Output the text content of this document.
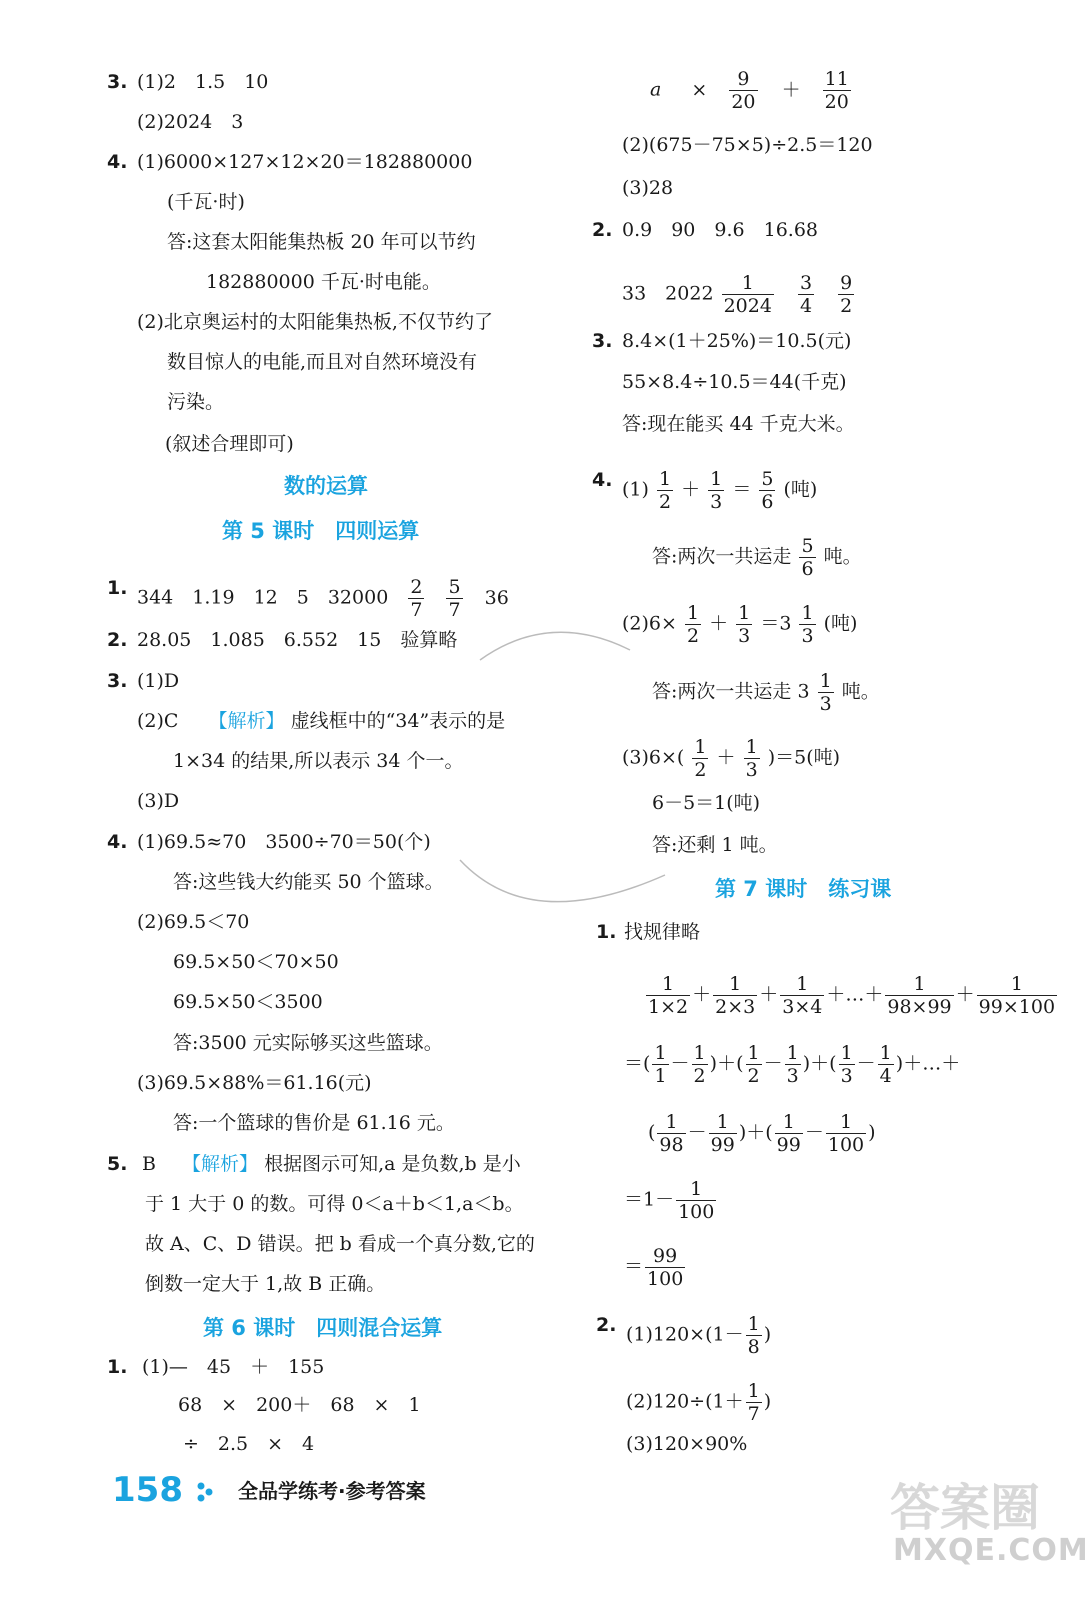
3. (1)2　1.5　10
(2)2024　3
4. (1)6000×127×12×20＝182880000
(千瓦·时)
答:这套太阳能集热板 20 年可以节约
182880000 千瓦·时电能。
(2)北京奥运村的太阳能集热板,不仅节约了
数目惊人的电能,而且对自然环境没有
污染。
(叙述合理即可)
数的运算
第 5 课时　四则运算
1. 344　1.19　12　5　$32000 \frac{2}{7}$
$\frac{5}{7} 36$
2. 28.05　1.085　6.552　15　验算略
3. (1)D
(2)C 【解析】 虚线框中的“34”表示的是
1×34 的结果,所以表示 34 个一。
(3)D
4. (1)69.5≈70　3500÷70＝50(个)
答:这些钱大约能买 50 个篮球。
(2)69.5＜70
69.5×50＜70×50
69.5×50＜3500
答:3500 元实际够买这些篮球。
(3)69.5×88%＝61.16(元)
答:一个篮球的售价是 61.16 元。
5. B 【解析】 根据图示可知,a 是负数,b 是小
于 1 大于 0 的数。可得 0＜a＋b＜1,a＜b。
故 A、C、D 错误。把 b 看成一个真分数,它的
倒数一定大于 1,故 B 正确。
第 6 课时　四则混合运算
1. (1)—　45　＋　155
68　×　200＋　68　×　1
÷　2.5　×　4
$a \times \frac{9}{20} + \frac{11}{20}$
(2)(675－75×5)÷2.5＝120
(3)28
2. 0.9　90　9.6　16.68
33　$2022 \frac{1}{2024}$
$\frac{3}{4}$
$\frac{9}{2}$
3. 8.4×(1＋25%)＝10.5(元)
55×8.4÷10.5＝44(千克)
答:现在能买 44 千克大米。
4. $(1) \frac{1}{2} + \frac{1}{3} = \frac{5}{6}$ (吨)
答:两次一共运走 $\frac{5}{6}$ 吨。
$(2)6\times \frac{1}{2} + \frac{1}{3} =3 \frac{1}{3}$ (吨)
答:两次一共运走 $3 \frac{1}{3}$ 吨。
$(3)6\times( \frac{1}{2} + \frac{1}{3} )=5$(吨)
6－5＝1(吨)
答:还剩 1 吨。
第 7 课时　练习课
1. 找规律略
$\frac{1}{1\times 2} + \frac{1}{2\times 3} + \frac{1}{3\times 4}$ ＋…＋ $\frac{1}{98\times 99} + \frac{1}{99\times 100}$
＝( $\frac{1}{1} - \frac{1}{2}$ )＋( $\frac{1}{2} - \frac{1}{3}$ )＋( $\frac{1}{3} - \frac{1}{4}$ )＋…＋
( $\frac{1}{98} - \frac{1}{99}$ )＋( $\frac{1}{99} - \frac{1}{100}$ )
$=1- \frac{1}{100}$
＝ $\frac{99}{100}$
2. $(1)120\times(1- \frac{1}{8}$ )
$(2)120\div(1+ \frac{1}{7}$ )
(3)120×90%
158	全品学练考·参考答案	答案圈
MXQE.COM
